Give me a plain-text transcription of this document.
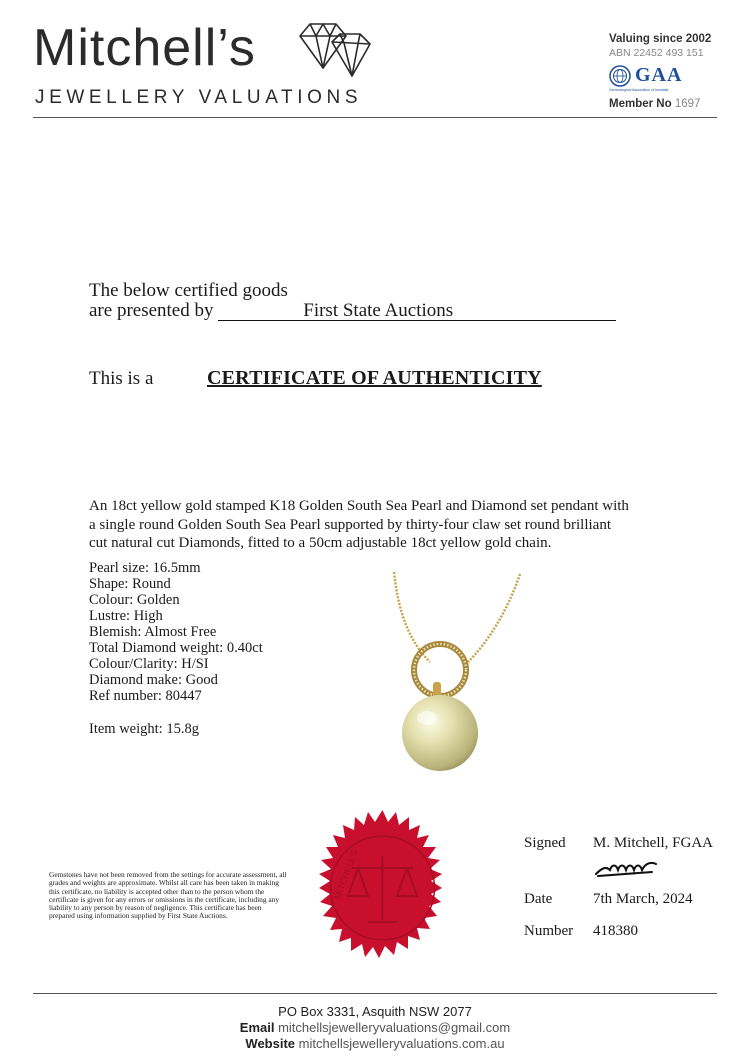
Mitchell’s
JEWELLERY VALUATIONS
Valuing since 2002
ABN 22452 493 151
GAA
Gemmological Association of Australia
Member No 1697
The below certified goods
are presented by	First State Auctions
This is a	CERTIFICATE OF AUTHENTICITY
An 18ct yellow gold stamped K18 Golden South Sea Pearl and Diamond set pendant with a single round Golden South Sea Pearl supported by thirty-four claw set round brilliant cut natural cut Diamonds, fitted to a 50cm adjustable 18ct yellow gold chain.
Pearl size: 16.5mm
Shape: Round
Colour: Golden
Lustre: High
Blemish: Almost Free
Total Diamond weight: 0.40ct
Colour/Clarity: H/SI
Diamond make: Good
Ref number: 80447
Item weight: 15.8g
MITCHELL'S
Gemstones have not been removed from the settings for accurate assessment, all grades and weights are approximate. Whilst all care has been taken in making this certificate, no liability is accepted other than to the person whom the certificate is given for any errors or omissions in the certificate, including any liability to any person by reason of negligence. This certificate has been prepared using information supplied by First State Auctions.
Signed M. Mitchell, FGAA
Date	7th March, 2024
Number 418380
PO Box 3331, Asquith NSW 2077
Email mitchellsjewelleryvaluations@gmail.com
Website mitchellsjewelleryvaluations.com.au
